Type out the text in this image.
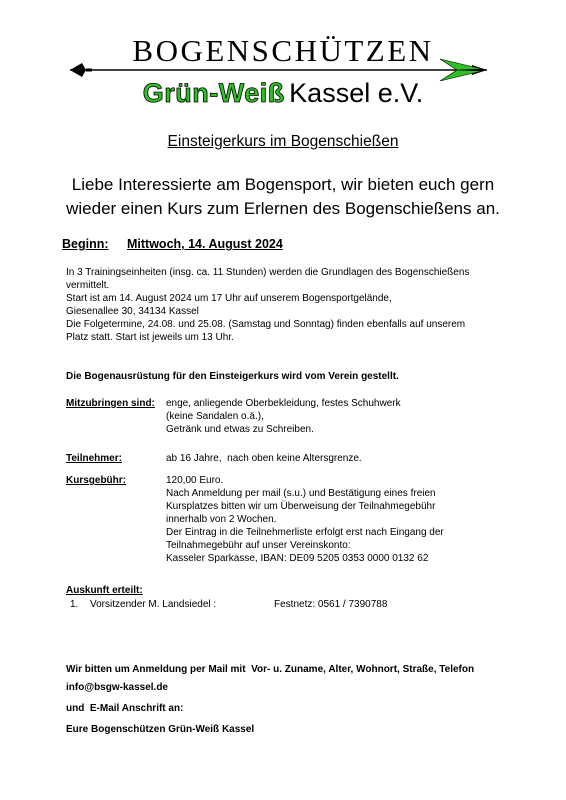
BOGENSCHÜTZEN
Grün-Weiß Kassel e.V.
Einsteigerkurs im Bogenschießen
Liebe Interessierte am Bogensport, wir bieten euch gern
wieder einen Kurs zum Erlernen des Bogenschießens an.
Beginn: Mittwoch, 14. August 2024
In 3 Trainingseinheiten (insg. ca. 11 Stunden) werden die Grundlagen des Bogenschießens
vermittelt.
Start ist am 14. August 2024 um 17 Uhr auf unserem Bogensportgelände,
Giesenallee 30, 34134 Kassel
Die Folgetermine, 24.08. und 25.08. (Samstag und Sonntag) finden ebenfalls auf unserem
Platz statt. Start ist jeweils um 13 Uhr.
Die Bogenausrüstung für den Einsteigerkurs wird vom Verein gestellt.
Mitzubringen sind: enge, anliegende Oberbekleidung, festes Schuhwerk
(keine Sandalen o.ä.),
Getränk und etwas zu Schreiben.
Teilnehmer:	ab 16 Jahre,  nach oben keine Altersgrenze.
Kursgebühr:	120,00 Euro.
Nach Anmeldung per mail (s.u.) und Bestätigung eines freien
Kursplatzes bitten wir um Überweisung der Teilnahmegebühr
innerhalb von 2 Wochen.
Der Eintrag in die Teilnehmerliste erfolgt erst nach Eingang der
Teilnahmegebühr auf unser Vereinskonto:
Kasseler Sparkasse, IBAN: DE09 5205 0353 0000 0132 62
Auskunft erteilt:
1. Vorsitzender M. Landsiedel :	Festnetz: 0561 / 7390788

Wir bitten um Anmeldung per Mail mit  Vor- u. Zuname, Alter, Wohnort, Straße, Telefon

und  E-Mail Anschrift an:

info@bsgw-kassel.de
Eure Bogenschützen Grün-Weiß Kassel
